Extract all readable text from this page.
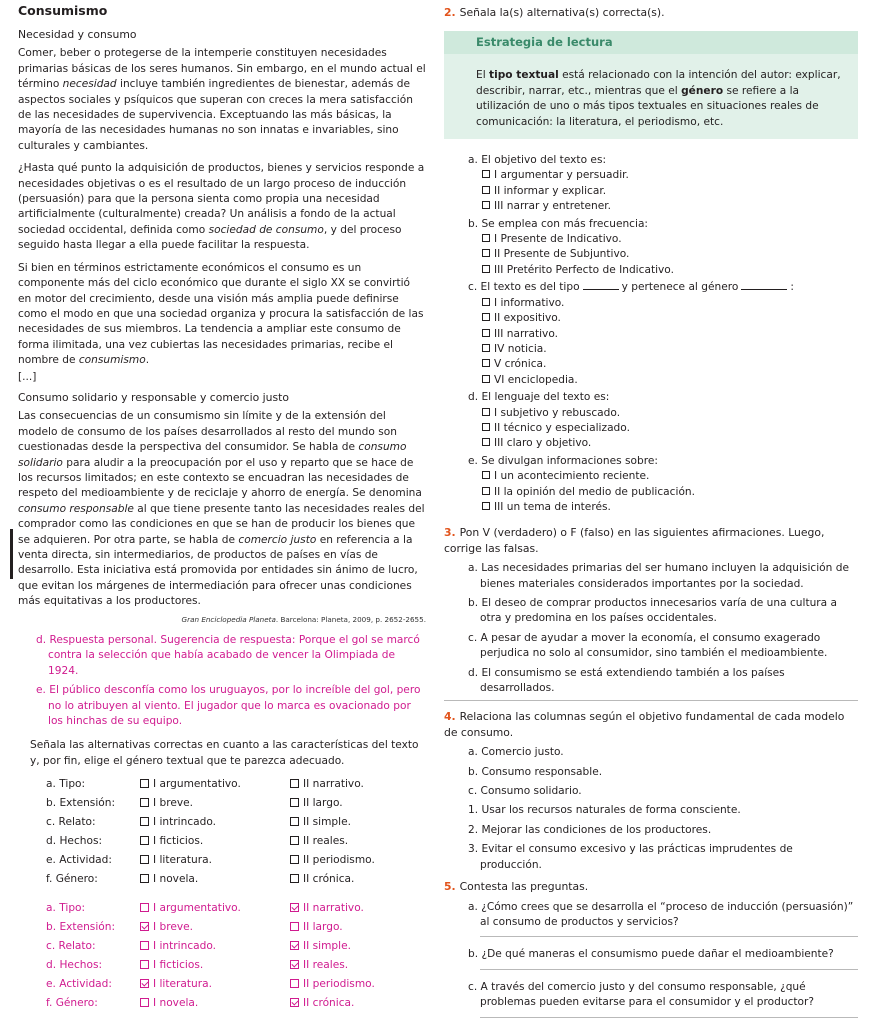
Consumismo
Necesidad y consumo

Comer, beber o protegerse de la intemperie constituyen necesidades primarias básicas de los seres humanos. Sin embargo, en el mundo actual el término necesidad incluye también ingredientes de bienestar, además de aspectos sociales y psíquicos que superan con creces la mera satisfacción de las necesidades de supervivencia. Exceptuando las más básicas, la mayoría de las necesidades humanas no son innatas e invariables, sino culturales y cambiantes.

¿Hasta qué punto la adquisición de productos, bienes y servicios responde a necesidades objetivas o es el resultado de un largo proceso de inducción (persuasión) para que la persona sienta como propia una necesidad artificialmente (culturalmente) creada? Un análisis a fondo de la actual sociedad occidental, definida como sociedad de consumo, y del proceso seguido hasta llegar a ella puede facilitar la respuesta.

Si bien en términos estrictamente económicos el consumo es un componente más del ciclo económico que durante el siglo XX se convirtió en motor del crecimiento, desde una visión más amplia puede definirse como el modo en que una sociedad organiza y procura la satisfacción de las necesidades de sus miembros. La tendencia a ampliar este consumo de forma ilimitada, una vez cubiertas las necesidades primarias, recibe el nombre de consumismo.

[...]
Consumo solidario y responsable y comercio justo

Las consecuencias de un consumismo sin límite y de la extensión del modelo de consumo de los países desarrollados al resto del mundo son cuestionadas desde la perspectiva del consumidor. Se habla de consumo solidario para aludir a la preocupación por el uso y reparto que se hace de los recursos limitados; en este contexto se encuadran las necesidades de respeto del medioambiente y de reciclaje y ahorro de energía. Se denomina consumo responsable al que tiene presente tanto las necesidades reales del comprador como las condiciones en que se han de producir los bienes que se adquieren. Por otra parte, se habla de comercio justo en referencia a la venta directa, sin intermediarios, de productos de países en vías de desarrollo. Esta iniciativa está promovida por entidades sin ánimo de lucro, que evitan los márgenes de intermediación para ofrecer unas condiciones más equitativas a los productores.

Gran Enciclopedia Planeta. Barcelona: Planeta, 2009, p. 2652-2655.
d. Respuesta personal. Sugerencia de respuesta: Porque el gol se marcó contra la selección que había acabado de vencer la Olimpiada de 1924.
e. El público desconfía como los uruguayos, por lo increíble del gol, pero no lo atribuyen al viento. El jugador que lo marca es ovacionado por los hinchas de su equipo.
Señala las alternativas correctas en cuanto a las características del texto y, por fin, elige el género textual que te parezca adecuado.
a. Tipo:	I argumentativo.	II narrativo.
b. Extensión:	I breve.	II largo.
c. Relato:	I intrincado.	II simple.
d. Hechos:	I ficticios.	II reales.
e. Actividad:	I literatura.	II periodismo.
f. Género:	I novela.	II crónica.
a. Tipo:	I argumentativo.	II narrativo.
b. Extensión:	I breve.	II largo.
c. Relato:	I intrincado.	II simple.
d. Hechos:	I ficticios.	II reales.
e. Actividad:	I literatura.	II periodismo.
f. Género:	I novela.	II crónica.
2. Señala la(s) alternativa(s) correcta(s).
Estrategia de lectura
El tipo textual está relacionado con la intención del autor: explicar, describir, narrar, etc., mientras que el género se refiere a la utilización de uno o más tipos textuales en situaciones reales de comunicación: la literatura, el periodismo, etc.
a. El objetivo del texto es:
I argumentar y persuadir.
II informar y explicar.
III narrar y entretener.
b. Se emplea con más frecuencia:
I Presente de Indicativo.
II Presente de Subjuntivo.
III Pretérito Perfecto de Indicativo.
c. El texto es del tipo	y pertenece al género	:
I informativo.
II expositivo.
III narrativo.
IV noticia.
V crónica.
VI enciclopedia.
d. El lenguaje del texto es:
I subjetivo y rebuscado.
II técnico y especializado.
III claro y objetivo.
e. Se divulgan informaciones sobre:
I un acontecimiento reciente.
II la opinión del medio de publicación.
III un tema de interés.
3. Pon V (verdadero) o F (falso) en las siguientes afirmaciones. Luego, corrige las falsas.
a. Las necesidades primarias del ser humano incluyen la adquisición de bienes materiales considerados importantes por la sociedad.
b. El deseo de comprar productos innecesarios varía de una cultura a otra y predomina en los países occidentales.
c. A pesar de ayudar a mover la economía, el consumo exagerado perjudica no solo al consumidor, sino también el medioambiente.
d. El consumismo se está extendiendo también a los países desarrollados.
4. Relaciona las columnas según el objetivo fundamental de cada modelo de consumo.
a. Comercio justo.
b. Consumo responsable.
c. Consumo solidario.
1. Usar los recursos naturales de forma consciente.
2. Mejorar las condiciones de los productores.
3. Evitar el consumo excesivo y las prácticas imprudentes de producción.
5. Contesta las preguntas.
a. ¿Cómo crees que se desarrolla el “proceso de inducción (persuasión)” al consumo de productos y servicios?
b. ¿De qué maneras el consumismo puede dañar el medioambiente?
c. A través del comercio justo y del consumo responsable, ¿qué problemas pueden evitarse para el consumidor y el productor?
